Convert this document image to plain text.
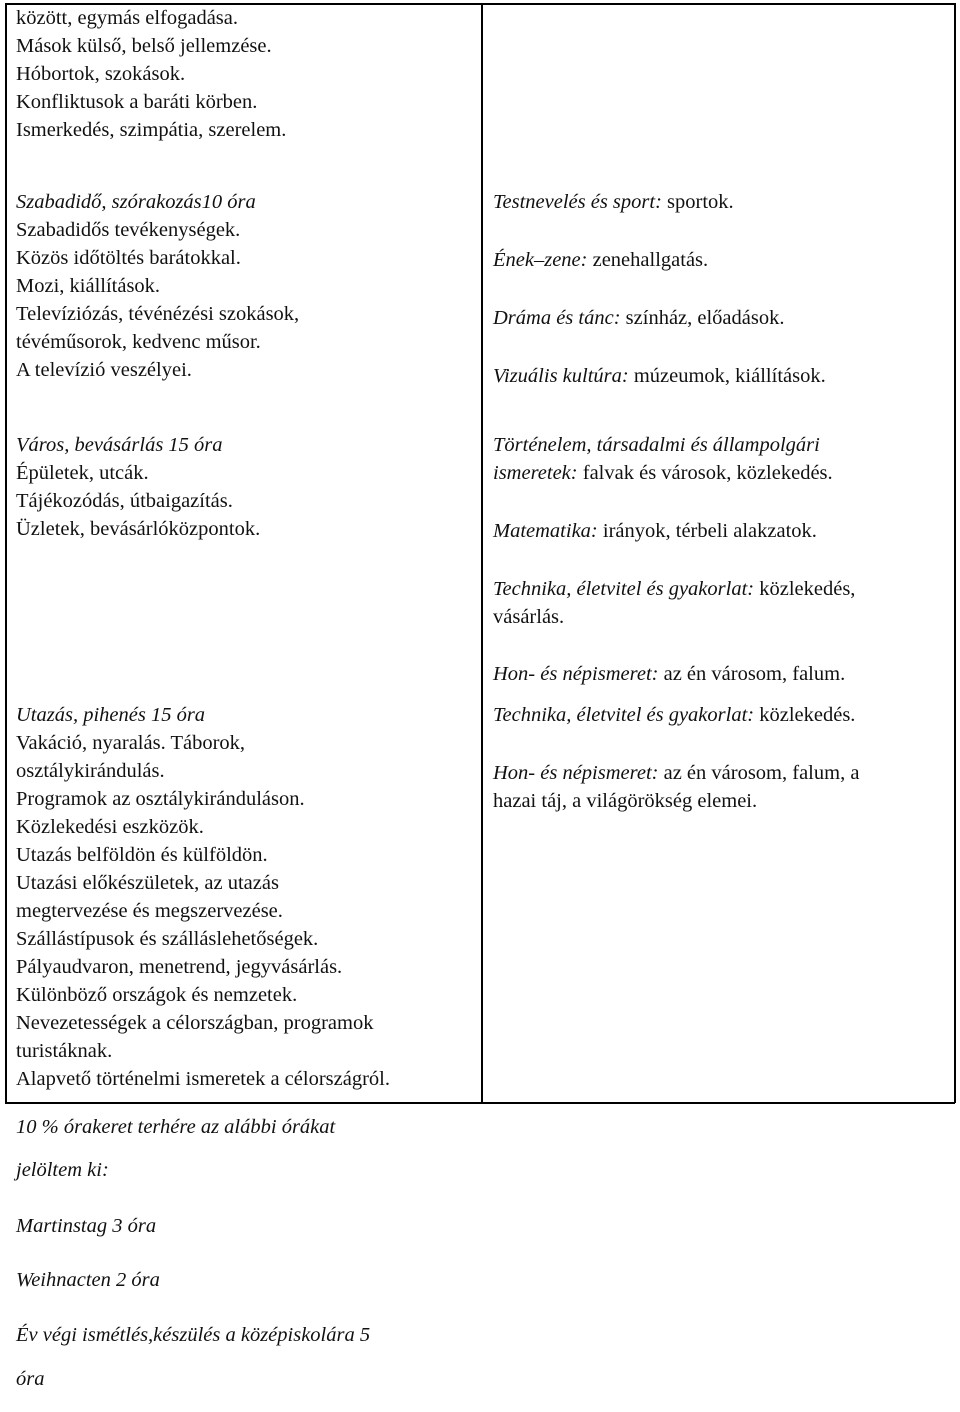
között, egymás elfogadása.
Mások külső, belső jellemzése.
Hóbortok, szokások.
Konfliktusok a baráti körben.
Ismerkedés, szimpátia, szerelem.
Szabadidő, szórakozás10 óra
Szabadidős tevékenységek.
Közös időtöltés barátokkal.
Mozi, kiállítások.
Televíziózás, tévénézési szokások,
tévéműsorok, kedvenc műsor.
A televízió veszélyei.
Város, bevásárlás 15 óra
Épületek, utcák.
Tájékozódás, útbaigazítás.
Üzletek, bevásárlóközpontok.
Utazás, pihenés 15 óra
Vakáció, nyaralás. Táborok,
osztálykirándulás.
Programok az osztálykiránduláson.
Közlekedési eszközök.
Utazás belföldön és külföldön.
Utazási előkészületek, az utazás
megtervezése és megszervezése.
Szállástípusok és szálláslehetőségek.
Pályaudvaron, menetrend, jegyvásárlás.
Különböző országok és nemzetek.
Nevezetességek a célországban, programok
turistáknak.
Alapvető történelmi ismeretek a célországról.
Testnevelés és sport: sportok.
Ének–zene: zenehallgatás.
Dráma és tánc: színház, előadások.
Vizuális kultúra: múzeumok, kiállítások.
Történelem, társadalmi és állampolgári
ismeretek: falvak és városok, közlekedés.
Matematika: irányok, térbeli alakzatok.
Technika, életvitel és gyakorlat: közlekedés,
vásárlás.
Hon- és népismeret: az én városom, falum.
Technika, életvitel és gyakorlat: közlekedés.
Hon- és népismeret: az én városom, falum, a
hazai táj, a világörökség elemei.
10 % órakeret terhére az alábbi órákat
jelöltem ki:
Martinstag 3 óra
Weihnacten 2 óra
Év végi ismétlés,készülés a középiskolára 5
óra
